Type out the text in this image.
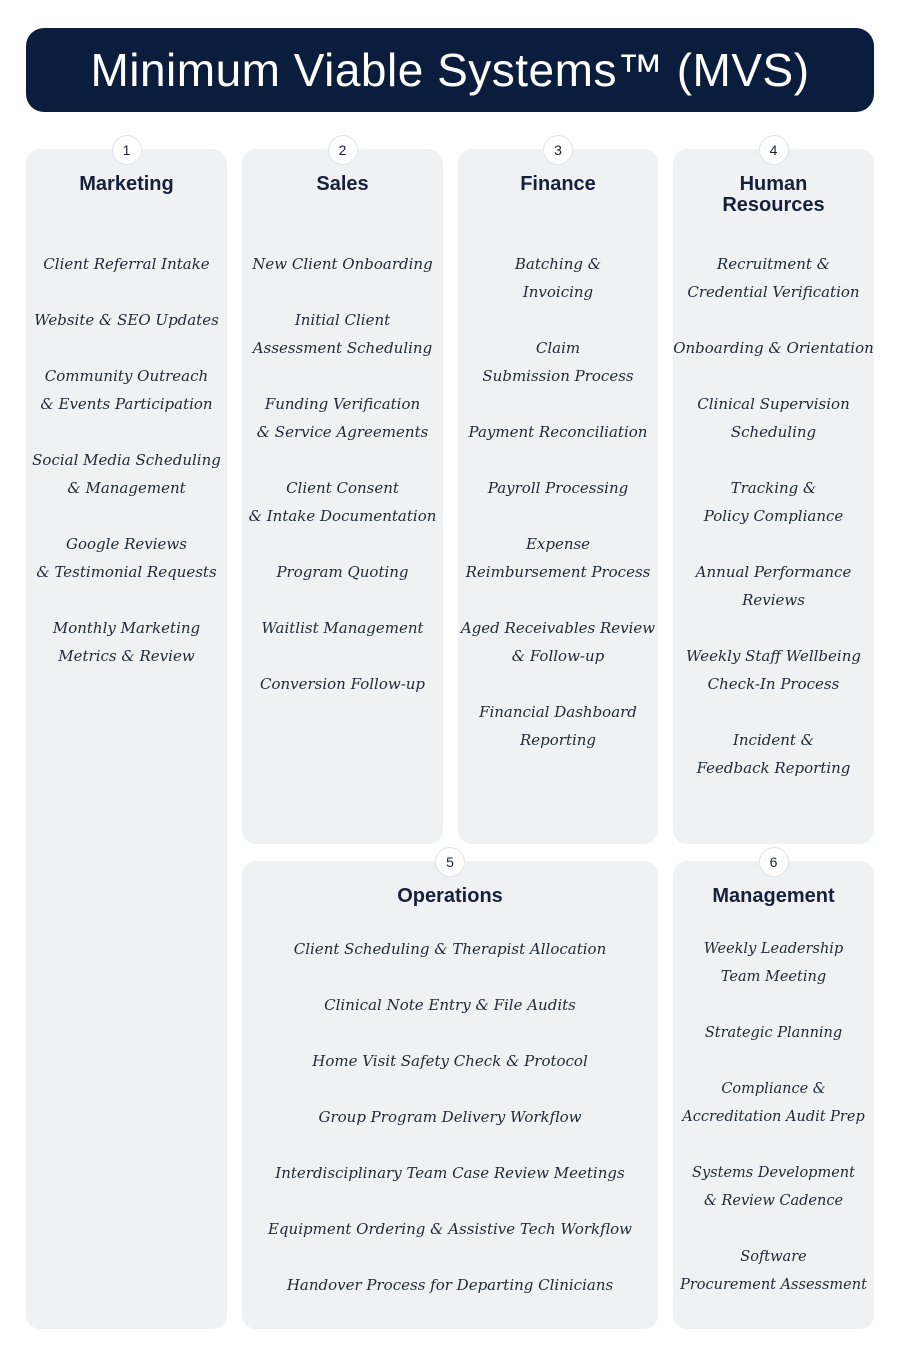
Minimum Viable Systems™ (MVS)
1
Marketing
Client Referral Intake
Website & SEO Updates
Community Outreach
& Events Participation
Social Media Scheduling
& Management
Google Reviews
& Testimonial Requests
Monthly Marketing
Metrics & Review
2
Sales
New Client Onboarding
Initial Client
Assessment Scheduling
Funding Verification
& Service Agreements
Client Consent
& Intake Documentation
Program Quoting
Waitlist Management
Conversion Follow-up
3
Finance
Batching &
Invoicing
Claim
Submission Process
Payment Reconciliation
Payroll Processing
Expense
Reimbursement Process
Aged Receivables Review
& Follow-up
Financial Dashboard
Reporting
4
Human
Resources
Recruitment &
Credential Verification
Onboarding & Orientation
Clinical Supervision
Scheduling
Tracking &
Policy Compliance
Annual Performance
Reviews
Weekly Staff Wellbeing
Check-In Process
Incident &
Feedback Reporting
5
Operations
Client Scheduling & Therapist Allocation
Clinical Note Entry & File Audits
Home Visit Safety Check & Protocol
Group Program Delivery Workflow
Interdisciplinary Team Case Review Meetings
Equipment Ordering & Assistive Tech Workflow
Handover Process for Departing Clinicians
6
Management
Weekly Leadership
Team Meeting
Strategic Planning
Compliance &
Accreditation Audit Prep
Systems Development
& Review Cadence
Software
Procurement Assessment
